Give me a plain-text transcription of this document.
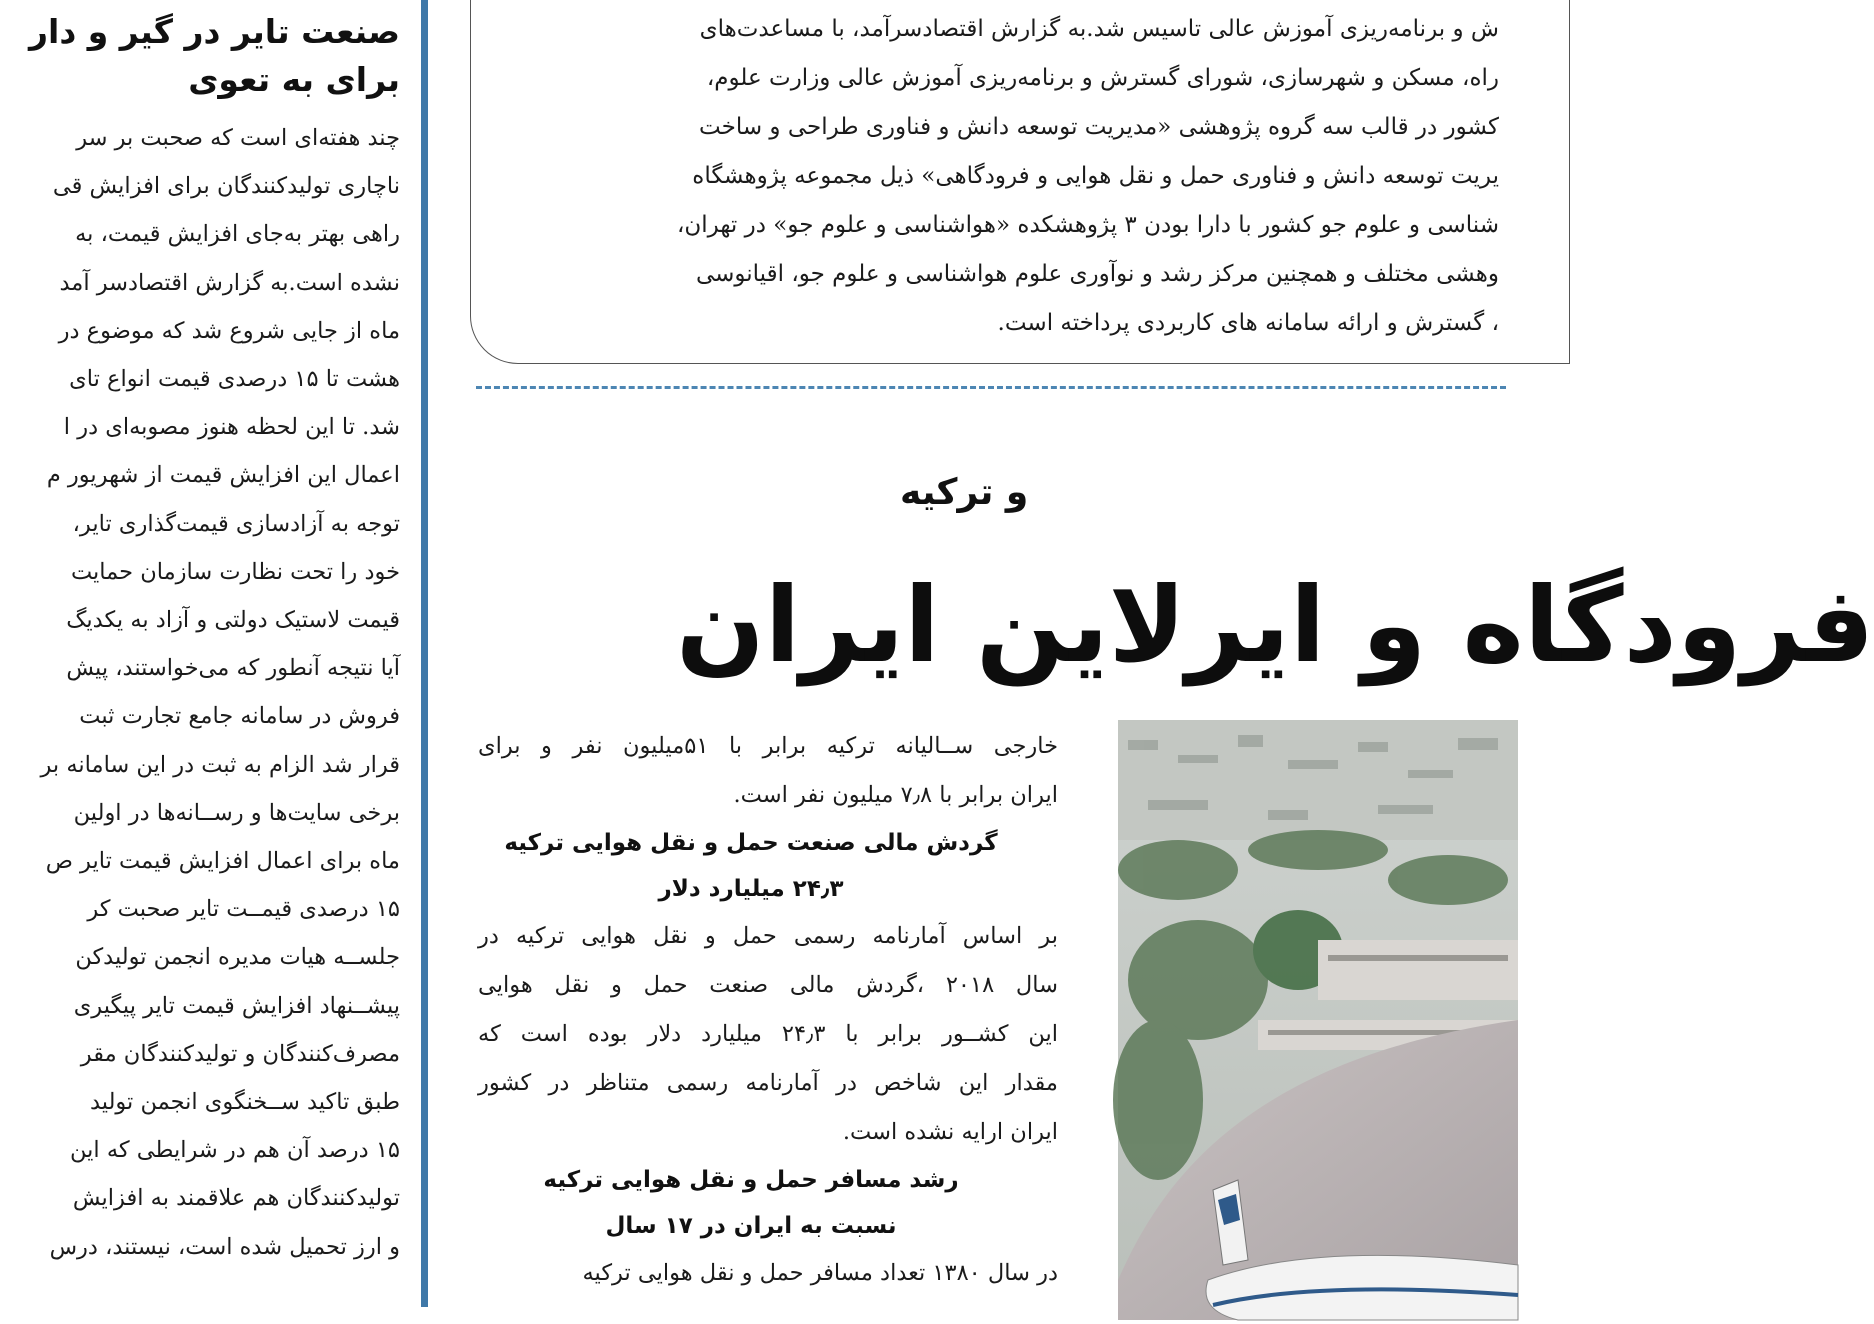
صنعت تایر در گیر و دار
برای به تعوی
چند هفته‌ای است که صحبت بر سر
ناچاری تولیدکنندگان برای افزایش قی
راهی بهتر به‌جای افزایش قیمت، به
نشده است.به گزارش اقتصادسر آمد
ماه از جایی شروع شد که موضوع در
هشت تا ۱۵ درصدی قیمت انواع تای
شد. تا این لحظه هنوز مصوبه‌ای در ا
اعمال این افزایش قیمت از شهریور م
توجه به آزادسازی قیمت‌گذاری تایر،
خود را تحت نظارت سازمان حمایت
قیمت لاستیک دولتی و آزاد به یکدیگ
آیا نتیجه آنطور که می‌خواستند، پیش
فروش در سامانه جامع تجارت ثبت
قرار شد الزام به ثبت در این سامانه بر
برخی سایت‌ها و رســانه‌ها در اولین
ماه برای اعمال افزایش قیمت تایر ص
۱۵ درصدی قیمــت تایر صحبت کر
جلســه هیات مدیره انجمن تولیدکن
پیشــنهاد افزایش قیمت تایر پیگیری
مصرف‌کنندگان و تولیدکنندگان مقر
طبق تاکید ســخنگوی انجمن تولید
۱۵ درصد آن هم در شرایطی که این
تولیدکنندگان هم علاقمند به افزایش
و ارز تحمیل شده است، نیستند، درس
ش و برنامه‌ریزی آموزش عالی تاسیس شد.به گزارش اقتصادسرآمد، با مساعدت‌های
راه، مسکن و شهرسازی، شورای گسترش و برنامه‌ریزی آموزش عالی وزارت علوم،
کشور در قالب سه گروه پژوهشی «مدیریت توسعه دانش و فناوری طراحی و ساخت
یریت توسعه دانش و فناوری حمل و نقل هوایی و فرودگاهی» ذیل مجموعه پژوهشگاه
شناسی و علوم جو کشور با دارا بودن ۳ پژوهشکده «هواشناسی و علوم جو» در تهران،
وهشی مختلف و همچنین مرکز رشد و نوآوری علوم هواشناسی و علوم جو، اقیانوسی
، گسترش و ارائه سامانه های کاربردی پرداخته است.
و ترکیه
فرودگاه و ایرلاین ایران
خارجی ســالیانه ترکیه برابر با ۵۱میلیون نفر و برای
ایران برابر با ۷٫۸ میلیون نفر است.
گردش مالی صنعت حمل و نقل هوایی ترکیه
۲۴٫۳ میلیارد دلار
بر اساس آمارنامه رسمی حمل و نقل هوایی ترکیه در
سال ۲۰۱۸ ،گردش مالی صنعت حمل و نقل هوایی
این کشــور برابر با ۲۴٫۳ میلیارد دلار بوده است که
مقدار این شاخص در آمارنامه رسمی متناظر در کشور
ایران ارایه نشده است.
رشد مسافر حمل و نقل هوایی ترکیه
نسبت به ایران در ۱۷ سال
در سال ۱۳۸۰ تعداد مسافر حمل و نقل هوایی ترکیه
